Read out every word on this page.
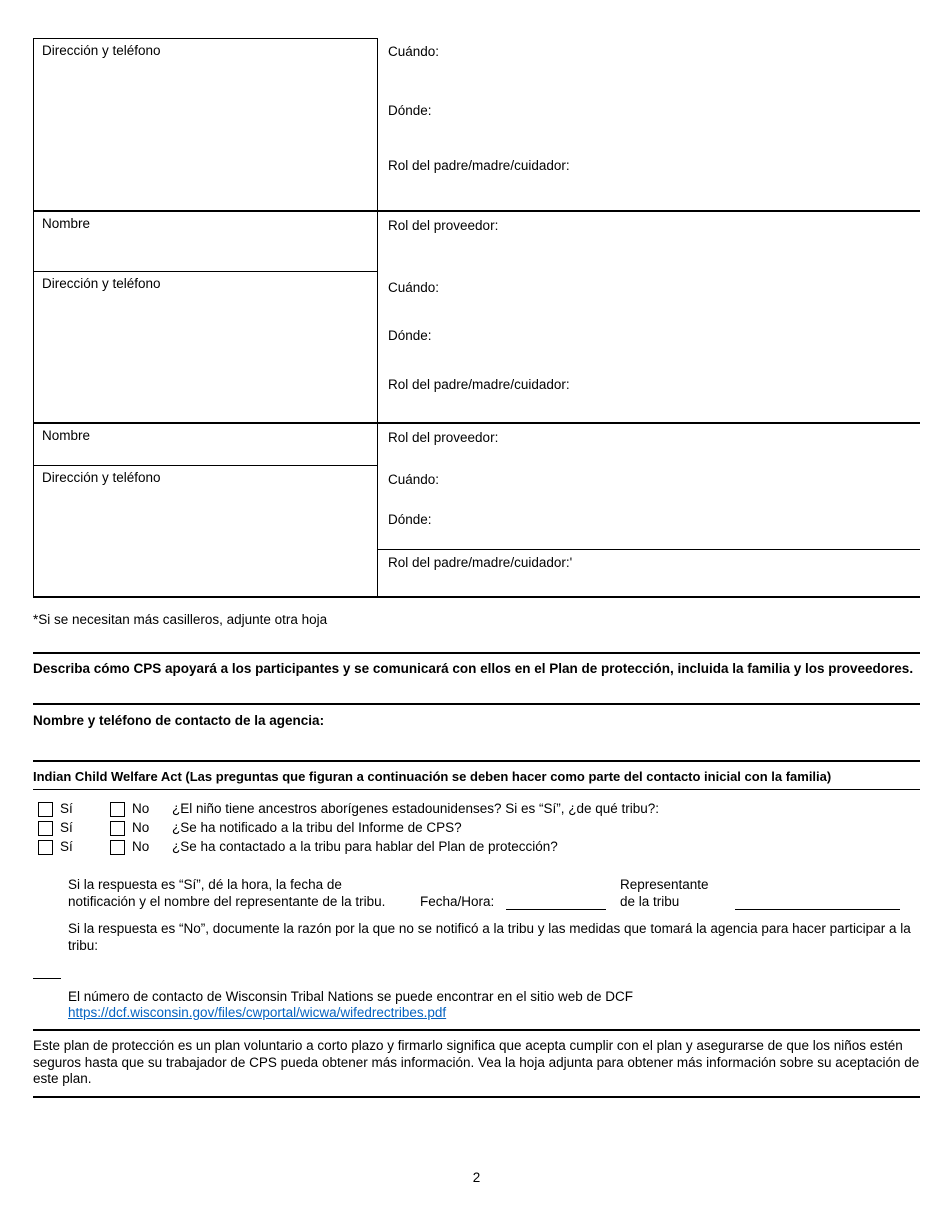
Dirección y teléfono	Cuándo:
Dónde:
Rol del padre/madre/cuidador:
Nombre	Rol del proveedor:
Dirección y teléfono	Cuándo:
Dónde:
Rol del padre/madre/cuidador:
Nombre	Rol del proveedor:
Dirección y teléfono	Cuándo:
Dónde:
Rol del padre/madre/cuidador:'
*Si se necesitan más casilleros, adjunte otra hoja
Describa cómo CPS apoyará a los participantes y se comunicará con ellos en el Plan de protección, incluida la familia y los proveedores.
Nombre y teléfono de contacto de la agencia:
Indian Child Welfare Act (Las preguntas que figuran a continuación se deben hacer como parte del contacto inicial con la familia)
Sí	No ¿El niño tiene ancestros aborígenes estadounidenses? Si es “Sí”, ¿de qué tribu?:
Sí	No ¿Se ha notificado a la tribu del Informe de CPS?
Sí	No ¿Se ha contactado a la tribu para hablar del Plan de protección?
Si la respuesta es “Sí”, dé la hora, la fecha de	Representante
notificación y el nombre del representante de la tribu.	Fecha/Hora:	de la tribu
Si la respuesta es “No”, documente la razón por la que no se notificó a la tribu y las medidas que tomará la agencia para hacer participar a la tribu:
El número de contacto de Wisconsin Tribal Nations se puede encontrar en el sitio web de DCF
https://dcf.wisconsin.gov/files/cwportal/wicwa/wifedrectribes.pdf
Este plan de protección es un plan voluntario a corto plazo y firmarlo significa que acepta cumplir con el plan y asegurarse de que los niños estén seguros hasta que su trabajador de CPS pueda obtener más información. Vea la hoja adjunta para obtener más información sobre su aceptación de este plan.
2
